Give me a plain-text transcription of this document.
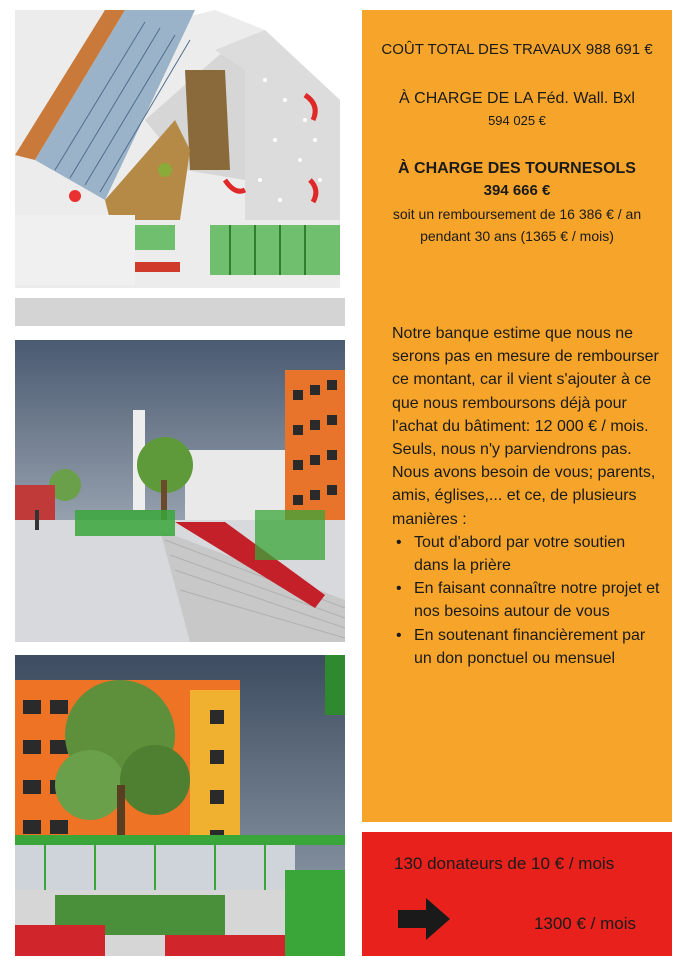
COÛT TOTAL DES TRAVAUX 988 691 €
À CHARGE DE LA Féd. Wall. Bxl
594 025 €
À CHARGE DES TOURNESOLS
394 666 €
soit un remboursement de 16 386 € / an
pendant 30 ans (1365 € / mois)

Notre banque estime que nous ne serons pas en mesure de rembourser ce montant, car il vient s'ajouter à ce que nous remboursons déjà pour l'achat du bâtiment: 12 000 € / mois. Seuls, nous n'y parviendrons pas. Nous avons besoin de vous; parents, amis, églises,... et ce, de plusieurs manières :

• Tout d'abord par votre soutien dans la prière
• En faisant connaître notre projet et nos besoins autour de vous
• En soutenant financièrement par un don ponctuel ou mensuel
130 donateurs de 10 € / mois
1300 € / mois
